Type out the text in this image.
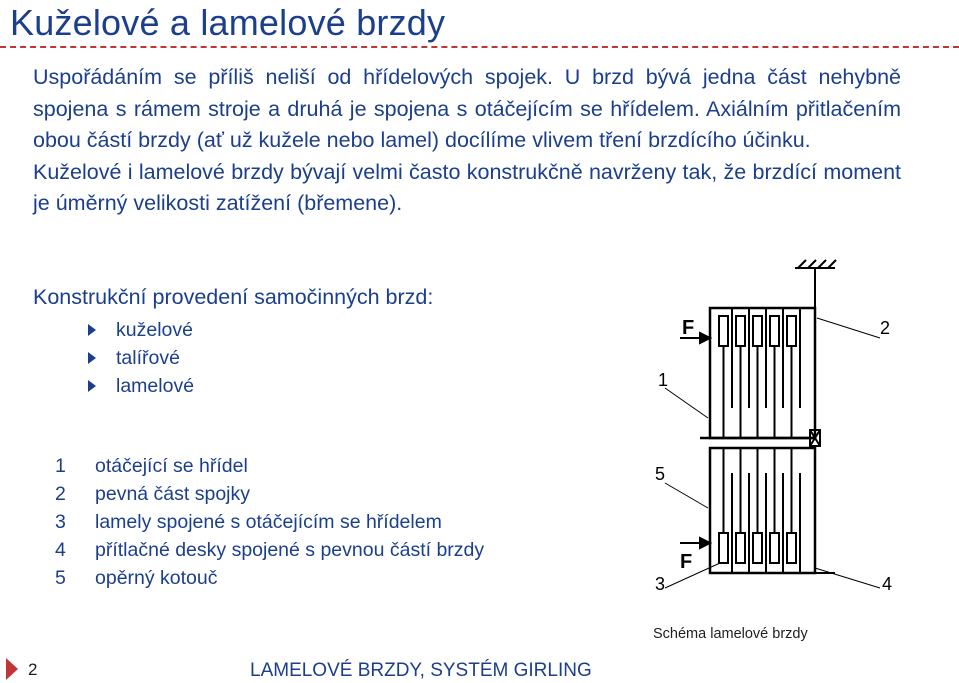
Kuželové a lamelové brzdy

Uspořádáním se příliš neliší od hřídelových spojek. U brzd bývá jedna část nehybně spojena s rámem stroje a druhá je spojena s otáčejícím se hřídelem. Axiálním přitlačením obou částí brzdy (ať už kužele nebo lamel) docílíme vlivem tření brzdícího účinku.

Kuželové i lamelové brzdy bývají velmi často konstrukčně navrženy tak, že brzdící moment je úměrný velikosti zatížení (břemene).

Konstrukční provedení samočinných brzd:
kuželové
talířové
lamelové
1 otáčející se hřídel
2 pevná část spojky
3 lamely spojené s otáčejícím se hřídelem
4 přítlačné desky spojené s pevnou částí brzdy
5 opěrný kotouč
F
F
1
2
5
3	4
Schéma lamelové brzdy
2	LAMELOVÉ BRZDY, SYSTÉM GIRLING
